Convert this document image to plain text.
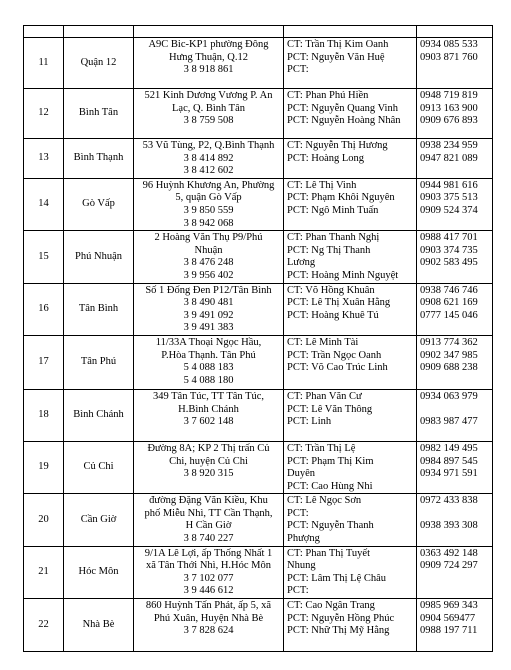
11	Quận 12	A9C Bic-KP1 phường Đông
Hưng Thuận, Q.12
3 8 918 861	CT: Trần Thị Kim Oanh
PCT: Nguyễn Văn Huệ
PCT:	0934 085 533
0903 871 760

12	Bình Tân	521 Kinh Dương Vương P. An
Lạc, Q. Bình Tân
3 8 759 508	CT: Phan Phú Hiền
PCT: Nguyễn Quang Vinh
PCT: Nguyễn Hoàng Nhân	0948 719 819
0913 163 900
0909 676 893

13	Bình Thạnh	53 Vũ Tùng, P2, Q.Bình Thạnh
3 8 414 892
3 8 412 602	CT: Nguyễn Thị Hương
PCT: Hoàng Long	0938 234 959
0947 821 089

14	Gò Vấp	96 Huỳnh Khương An, Phường
5, quận Gò Vấp
3 9 850 559
3 8 942 068	CT: Lê Thị Vinh
PCT: Phạm Khôi Nguyên
PCT: Ngô Minh Tuấn	0944 981 616
0903 375 513
0909 524 374

15	Phú Nhuận	2 Hoàng Văn Thụ P9/Phú
Nhuận
3 8 476 248
3 9 956 402	CT: Phan Thanh Nghị
PCT: Ng Thị Thanh
Lương
PCT: Hoàng Minh Nguyệt	0988 417 701
0903 374 735
0902 583 495

16	Tân Bình	Số 1 Đống Đen P12/Tân Bình
3 8 490 481
3 9 491 092
3 9 491 383	CT: Võ Hồng Khuân
PCT: Lê Thị Xuân Hằng
PCT: Hoàng Khuê Tú	0938 746 746
0908 621 169
0777 145 046

17	Tân Phú	11/33A Thoại Ngọc Hầu,
P.Hòa Thạnh. Tân Phú
5 4 088 183
5 4 088 180	CT: Lê Minh Tài
PCT: Trần Ngọc Oanh
PCT: Võ Cao Trúc Linh	0913 774 362
0902 347 985
0909 688 238

18	Bình Chánh	349 Tân Túc, TT Tân Túc,
H.Bình Chánh
3 7 602 148	CT: Phan Văn Cư
PCT: Lê Văn Thông
PCT: Linh	0934 063 979
0983 987 477

19	Củ Chi	Đường 8A; KP 2 Thị trấn Củ
Chi, huyện Củ Chi
3 8 920 315	CT: Trần Thị Lệ
PCT: Phạm Thị Kim
Duyên
PCT: Cao Hùng Nhi	0982 149 495
0984 897 545
0934 971 591

20	Cần Giờ	đường Đặng Văn Kiều, Khu
phố Miễu Nhì, TT Cần Thạnh,
H Cần Giờ
3 8 740 227	CT: Lê Ngọc Sơn
PCT:
PCT: Nguyễn Thanh
Phượng	0972 433 838
0938 393 308

21	Hóc Môn	9/1A Lê Lợi, ấp Thống Nhất 1
xã Tân Thới Nhì, H.Hóc Môn
3 7 102 077
3 9 446 612	CT: Phan Thị Tuyết
Nhung
PCT: Lâm Thị Lệ Châu
PCT:	0363 492 148
0909 724 297

22	Nhà Bè	860 Huỳnh Tấn Phát, ấp 5, xã
Phú Xuân, Huyện Nhà Bè
3 7 828 624	CT: Cao Ngân Trang
PCT: Nguyễn Hồng Phúc
PCT: Nhữ Thị Mỹ Hằng	0985 969 343
0904 569477
0988 197 711
